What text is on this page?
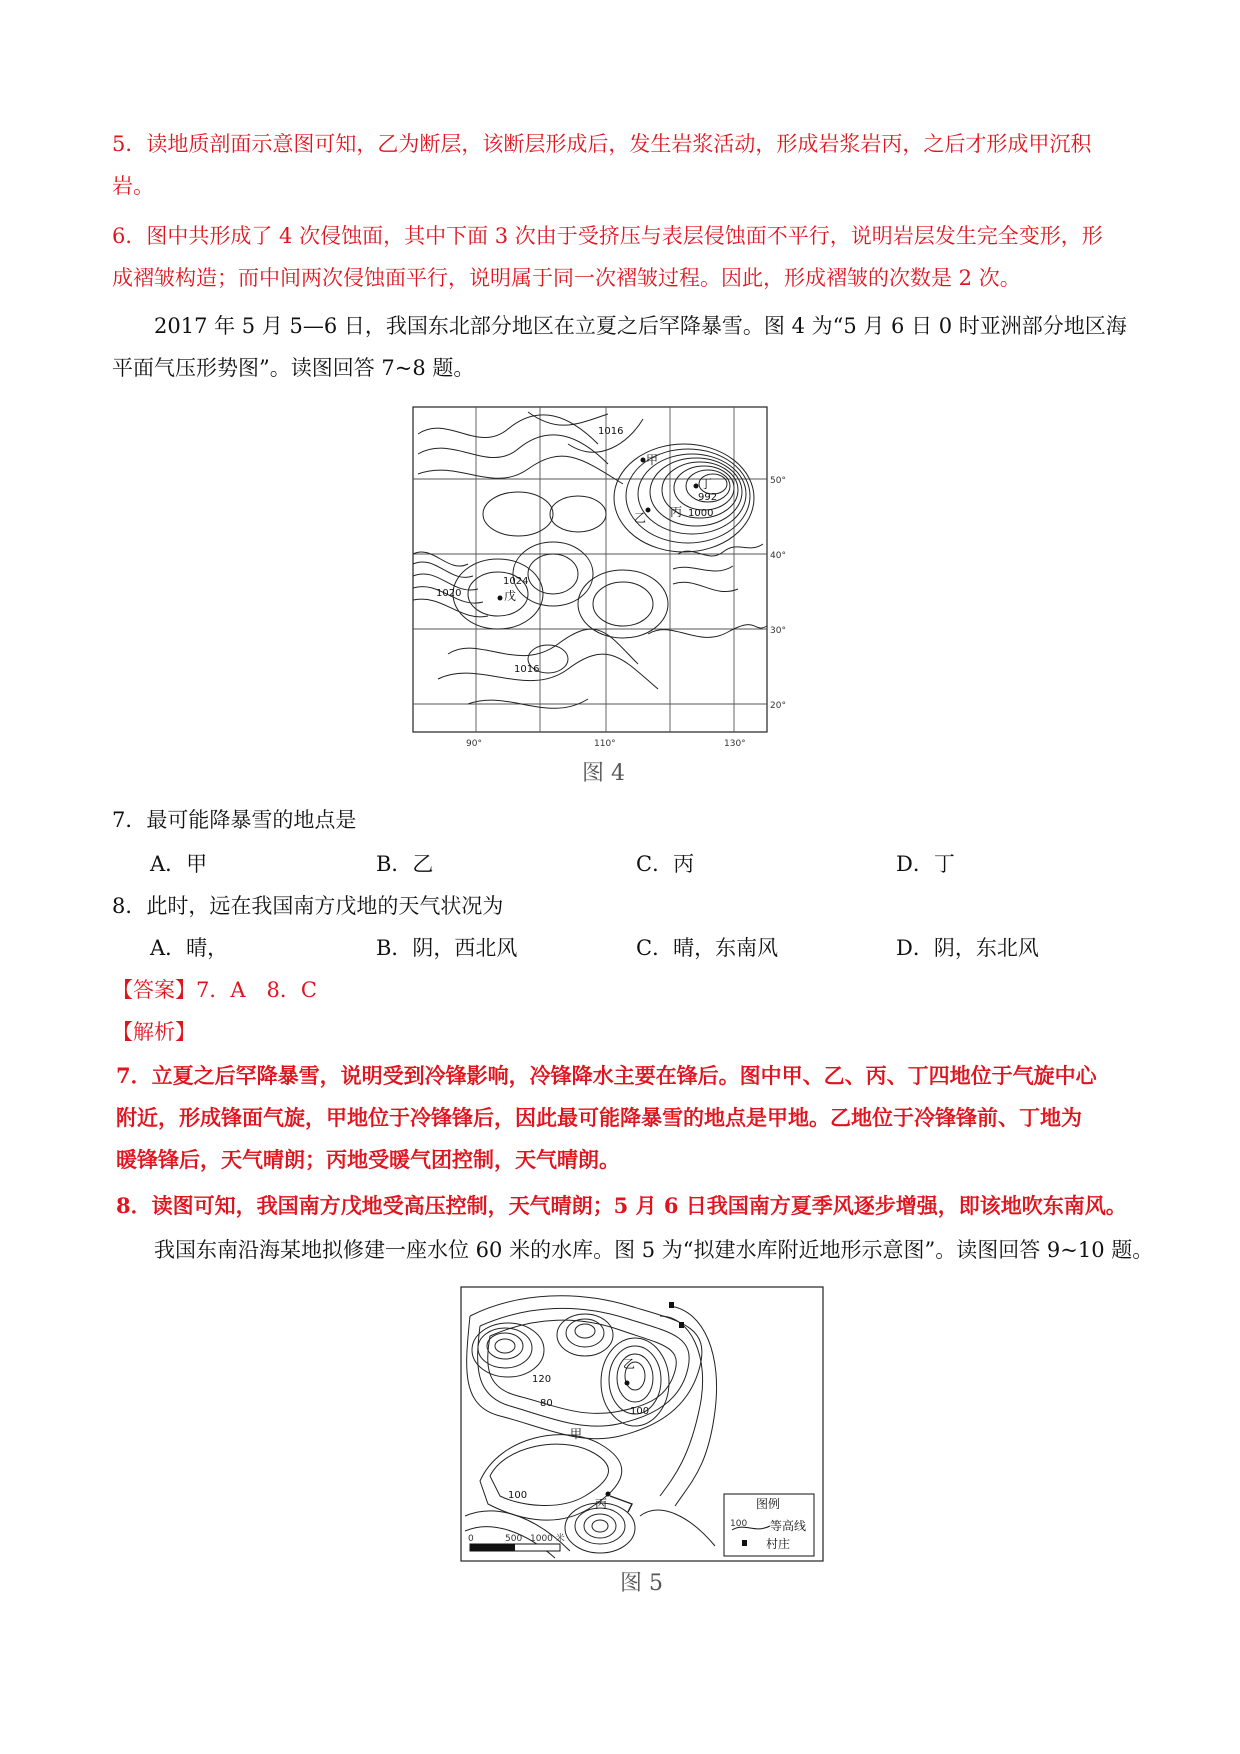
5．读地质剖面示意图可知，乙为断层，该断层形成后，发生岩浆活动，形成岩浆岩丙，之后才形成甲沉积
岩。
6．图中共形成了 4 次侵蚀面，其中下面 3 次由于受挤压与表层侵蚀面不平行，说明岩层发生完全变形，形
成褶皱构造；而中间两次侵蚀面平行，说明属于同一次褶皱过程。因此，形成褶皱的次数是 2 次。
2017 年 5 月 5—6 日，我国东北部分地区在立夏之后罕降暴雪。图 4 为“5 月 6 日 0 时亚洲部分地区海
平面气压形势图”。读图回答 7~8 题。
1016
1020
1024
1016
1000
992
甲
乙 丙
丁
戊
90°	110°	130°
50°
40°
30°
20°
图 4
7．最可能降暴雪的地点是
A．甲	B．乙	C．丙	D．丁
8．此时，远在我国南方戊地的天气状况为
A．晴，	B．阴，西北风	C．晴，东南风	D．阴，东北风
【答案】7．A　8．C
【解析】
7．立夏之后罕降暴雪，说明受到冷锋影响，冷锋降水主要在锋后。图中甲、乙、丙、丁四地位于气旋中心
附近，形成锋面气旋，甲地位于冷锋锋后，因此最可能降暴雪的地点是甲地。乙地位于冷锋锋前、丁地为
暖锋锋后，天气晴朗；丙地受暖气团控制，天气晴朗。
8．读图可知，我国南方戊地受高压控制，天气晴朗；5 月 6 日我国南方夏季风逐步增强，即该地吹东南风。
我国东南沿海某地拟修建一座水位 60 米的水库。图 5 为“拟建水库附近地形示意图”。读图回答 9~10 题。
120
80
100
100
甲
乙
丙
0	500 1000 米
图例
100 等高线
村庄
图 5
